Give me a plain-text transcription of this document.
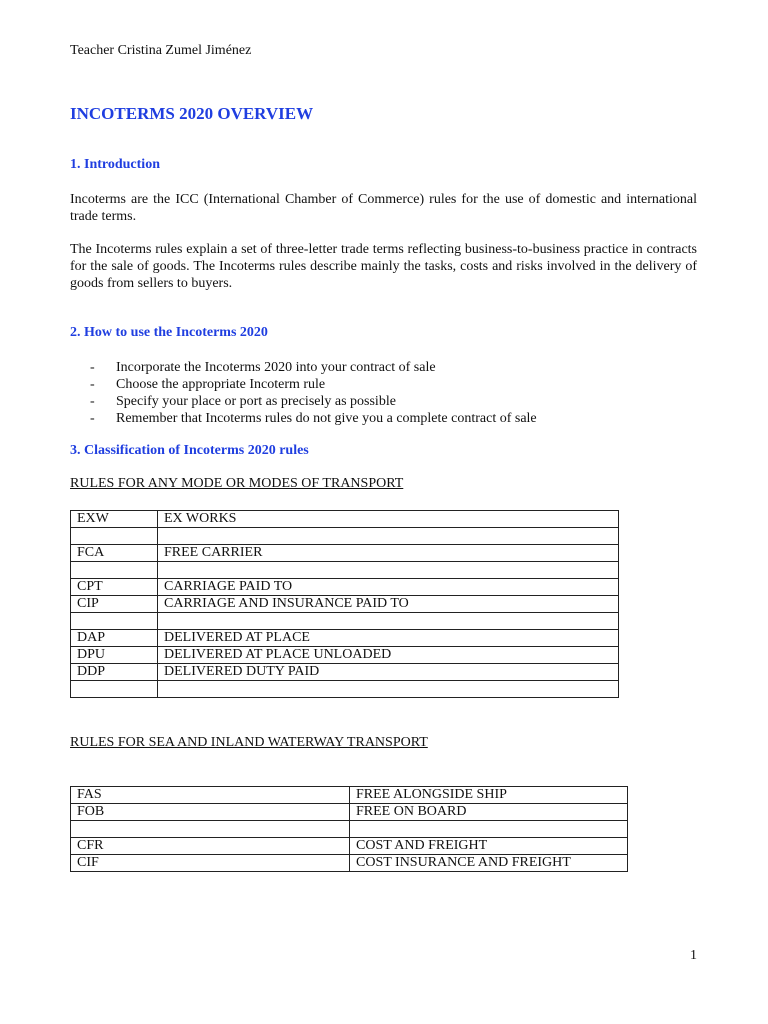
Teacher Cristina Zumel Jiménez
INCOTERMS 2020 OVERVIEW
1. Introduction

Incoterms are the ICC (International Chamber of Commerce) rules for the use of domestic and international trade terms.

The Incoterms rules explain a set of three-letter trade terms reflecting business-to-business practice in contracts for the sale of goods. The Incoterms rules describe mainly the tasks, costs and risks involved in the delivery of goods from sellers to buyers.

2. How to use the Incoterms 2020
- Incorporate the Incoterms 2020 into your contract of sale
- Choose the appropriate Incoterm rule
- Specify your place or port as precisely as possible
- Remember that Incoterms rules do not give you a complete contract of sale
3. Classification of Incoterms 2020 rules
RULES FOR ANY MODE OR MODES OF TRANSPORT
EXW	EX WORKS

FCA	FREE CARRIER

CPT	CARRIAGE PAID TO
CIP	CARRIAGE AND INSURANCE PAID TO

DAP	DELIVERED AT PLACE
DPU	DELIVERED AT PLACE UNLOADED
DDP	DELIVERED DUTY PAID

RULES FOR SEA AND INLAND WATERWAY TRANSPORT
FAS	FREE ALONGSIDE SHIP
FOB	FREE ON BOARD

CFR	COST AND FREIGHT
CIF	COST INSURANCE AND FREIGHT
1
